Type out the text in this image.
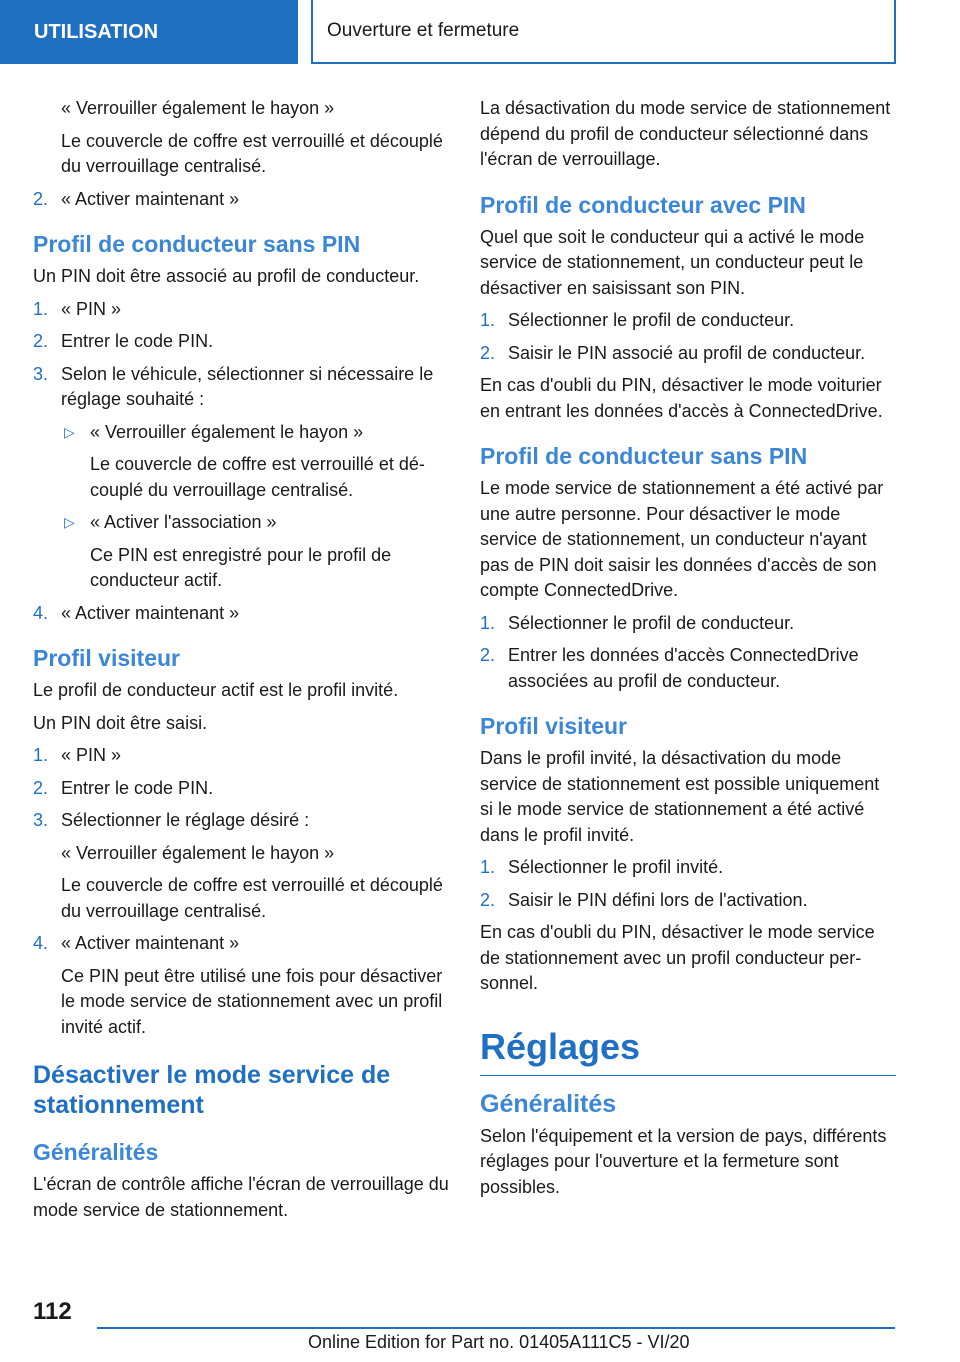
UTILISATION	Ouverture et fermeture
« Verrouiller également le hayon »
Le couvercle de coffre est verrouillé et découplé du verrouillage centralisé.
2. « Activer maintenant »
Profil de conducteur sans PIN
Un PIN doit être associé au profil de conducteur.
1. « PIN »
2. Entrer le code PIN.
3. Selon le véhicule, sélectionner si nécessaire le réglage souhaité :
▷ « Verrouiller également le hayon »
Le couvercle de coffre est verrouillé et découplé du verrouillage centralisé.
▷ « Activer l'association »
Ce PIN est enregistré pour le profil de conducteur actif.
4. « Activer maintenant »
Profil visiteur
Le profil de conducteur actif est le profil invité.
Un PIN doit être saisi.
1. « PIN »
2. Entrer le code PIN.
3. Sélectionner le réglage désiré :
« Verrouiller également le hayon »
Le couvercle de coffre est verrouillé et découplé du verrouillage centralisé.
4. « Activer maintenant »
Ce PIN peut être utilisé une fois pour désactiver le mode service de stationnement avec un profil invité actif.
Désactiver le mode service de stationnement
Généralités
L'écran de contrôle affiche l'écran de verrouillage du mode service de stationnement.
La désactivation du mode service de stationnement dépend du profil de conducteur sélectionné dans l'écran de verrouillage.
Profil de conducteur avec PIN
Quel que soit le conducteur qui a activé le mode service de stationnement, un conducteur peut le désactiver en saisissant son PIN.
1. Sélectionner le profil de conducteur.
2. Saisir le PIN associé au profil de conducteur.
En cas d'oubli du PIN, désactiver le mode voiturier en entrant les données d'accès à ConnectedDrive.
Profil de conducteur sans PIN
Le mode service de stationnement a été activé par une autre personne. Pour désactiver le mode service de stationnement, un conducteur n'ayant pas de PIN doit saisir les données d'accès de son compte ConnectedDrive.
1. Sélectionner le profil de conducteur.
2. Entrer les données d'accès ConnectedDrive associées au profil de conducteur.
Profil visiteur
Dans le profil invité, la désactivation du mode service de stationnement est possible uniquement si le mode service de stationnement a été activé dans le profil invité.
1. Sélectionner le profil invité.
2. Saisir le PIN défini lors de l'activation.
En cas d'oubli du PIN, désactiver le mode service de stationnement avec un profil conducteur personnel.
Réglages
Généralités
Selon l'équipement et la version de pays, différents réglages pour l'ouverture et la fermeture sont possibles.
112
Online Edition for Part no. 01405A111C5 - VI/20
